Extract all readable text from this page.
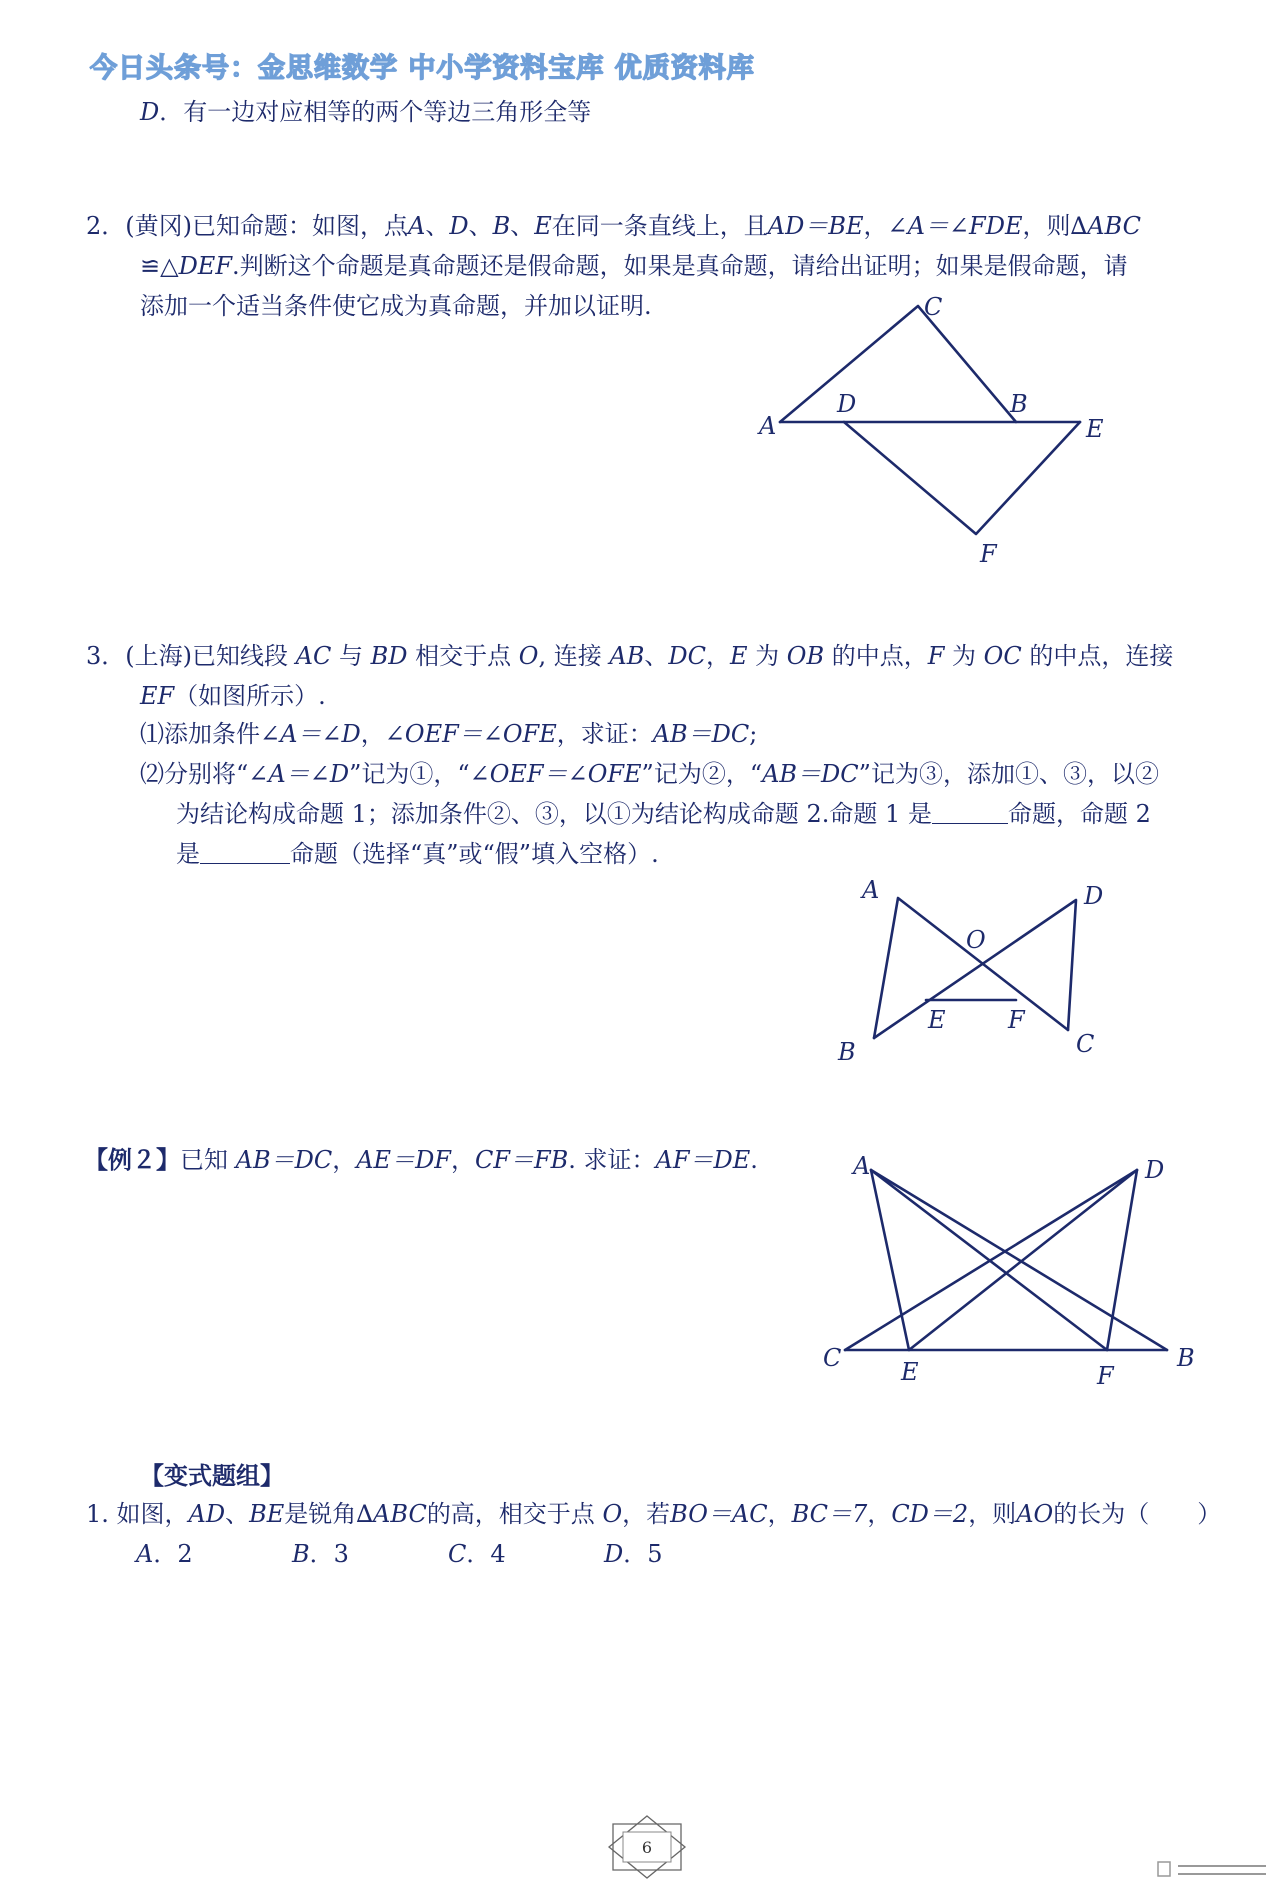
今日头条号：金思维数学 中小学资料宝库 优质资料库
D．有一边对应相等的两个等边三角形全等
2．(黄冈)已知命题：如图，点A、D、B、E在同一条直线上，且AD＝BE，∠A＝∠FDE，则∆ABC
≌△DEF.判断这个命题是真命题还是假命题，如果是真命题，请给出证明；如果是假命题，请
添加一个适当条件使它成为真命题，并加以证明.
A
D	B
E
C
F
3．(上海)已知线段 AC 与 BD 相交于点 O, 连接 AB、DC，E 为 OB 的中点，F 为 OC 的中点，连接
EF（如图所示）.
⑴添加条件∠A＝∠D，∠OEF＝∠OFE，求证：AB＝DC;
⑵分别将“∠A＝∠D”记为①，“∠OEF＝∠OFE”记为②，“AB＝DC”记为③，添加①、③，以②
为结论构成命题 1；添加条件②、③，以①为结论构成命题 2.命题 1 是	命题，命题 2
是	命题（选择“真”或“假”填入空格）.
A	D
O
E	F
B	C
【例２】已知 AB＝DC，AE＝DF，CF＝FB. 求证：AF＝DE.	A	D
C E	F
B
【变式题组】
1. 如图，AD、BE是锐角∆ABC的高，相交于点 O，若BO＝AC，BC＝7，CD＝2，则AO的长为（ ）
A．2	B．3	C．4	D．5
6
